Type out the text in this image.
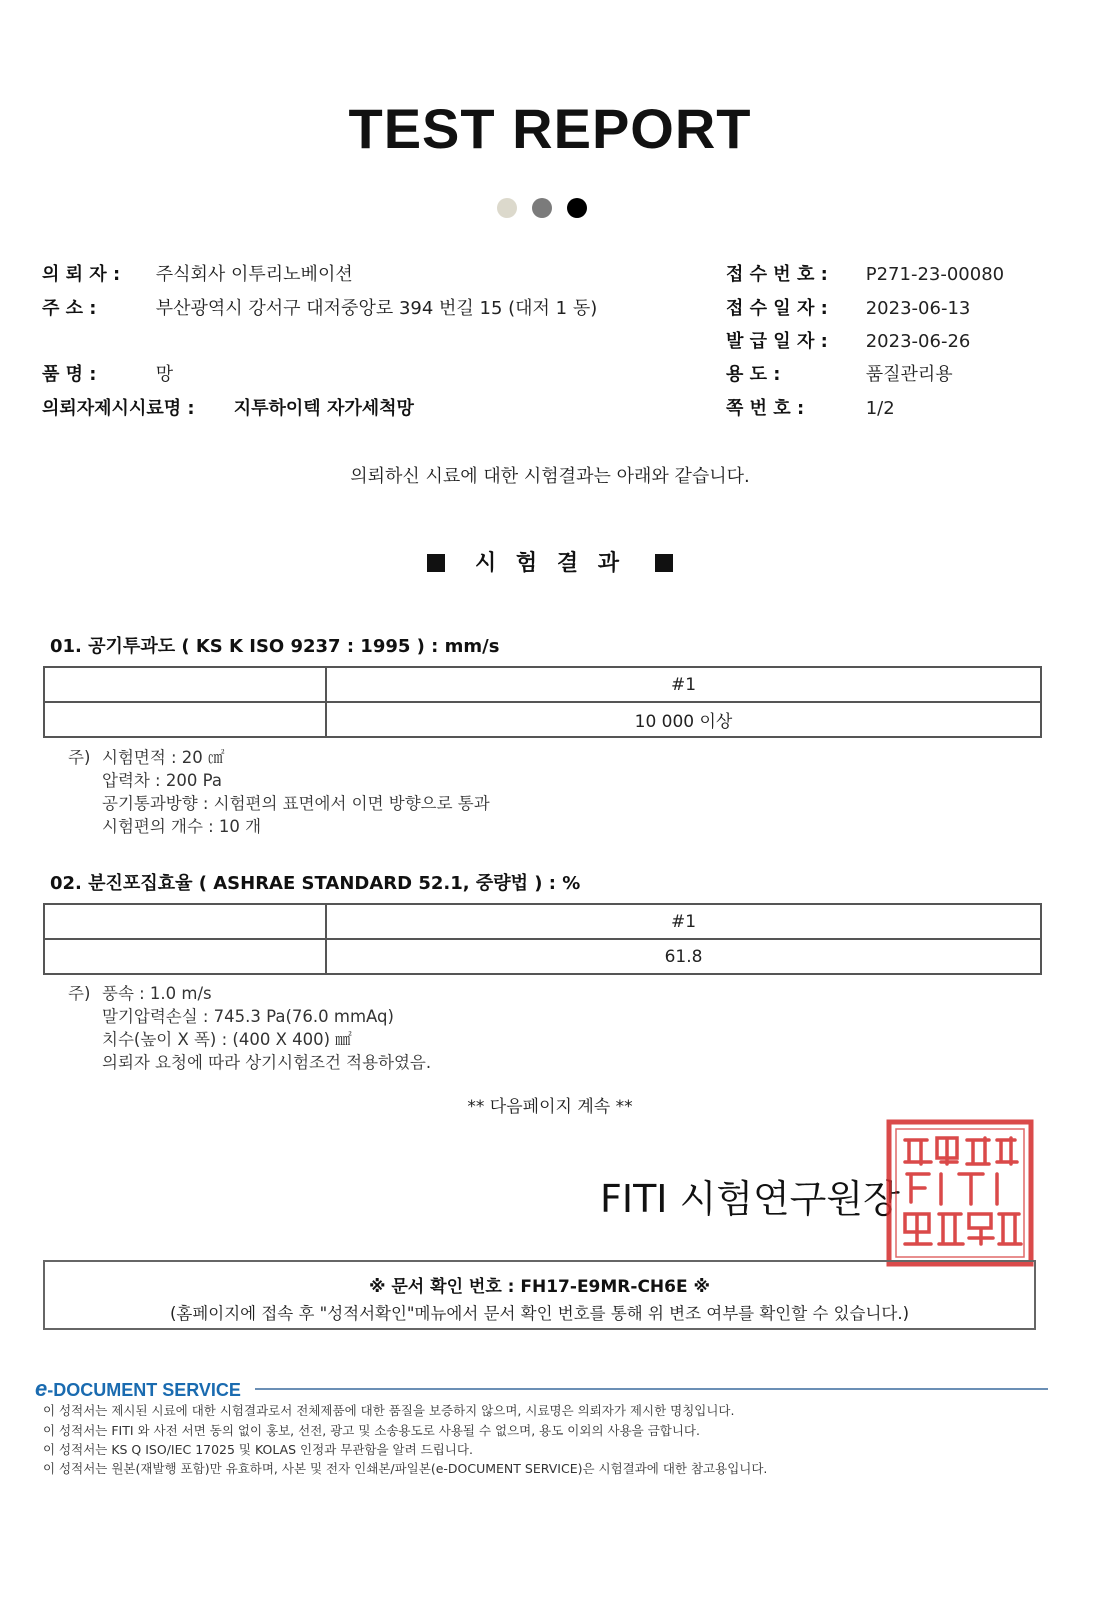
TEST REPORT
의 뢰 자 : 주식회사 이투리노베이션
주 소 :	부산광역시 강서구 대저중앙로 394 번길 15 (대저 1 동)
품 명 :	망
의뢰자제시시료명 : 지투하이텍 자가세척망
접 수 번 호 : P271-23-00080
접 수 일 자 : 2023-06-13
발 급 일 자 : 2023-06-26
용 도 :	품질관리용
쪽 번 호 :	1/2
의뢰하신 시료에 대한 시험결과는 아래와 같습니다.
시 험 결 과
01. 공기투과도 ( KS K ISO 9237 : 1995 ) : mm/s
	#1
	10 000 이상
주) 시험면적 : 20 ㎠
압력차 : 200 Pa
공기통과방향 : 시험편의 표면에서 이면 방향으로 통과
시험편의 개수 : 10 개
02. 분진포집효율 ( ASHRAE STANDARD 52.1, 중량법 ) : %
	#1
	61.8
주) 풍속 : 1.0 m/s
말기압력손실 : 745.3 Pa(76.0 mmAq)
치수(높이 X 폭) : (400 X 400) ㎟
의뢰자 요청에 따라 상기시험조건 적용하였음.
** 다음페이지 계속 **
FITI 시험연구원장
※ 문서 확인 번호 : FH17-E9MR-CH6E ※
(홈페이지에 접속 후 "성적서확인"메뉴에서 문서 확인 번호를 통해 위 변조 여부를 확인할 수 있습니다.)
e-DOCUMENT SERVICE
이 성적서는 제시된 시료에 대한 시험결과로서 전체제품에 대한 품질을 보증하지 않으며, 시료명은 의뢰자가 제시한 명칭입니다.
이 성적서는 FITI 와 사전 서면 동의 없이 홍보, 선전, 광고 및 소송용도로 사용될 수 없으며, 용도 이외의 사용을 금합니다.
이 성적서는 KS Q ISO/IEC 17025 및 KOLAS 인정과 무관함을 알려 드립니다.
이 성적서는 원본(재발행 포함)만 유효하며, 사본 및 전자 인쇄본/파일본(e-DOCUMENT SERVICE)은 시험결과에 대한 참고용입니다.
